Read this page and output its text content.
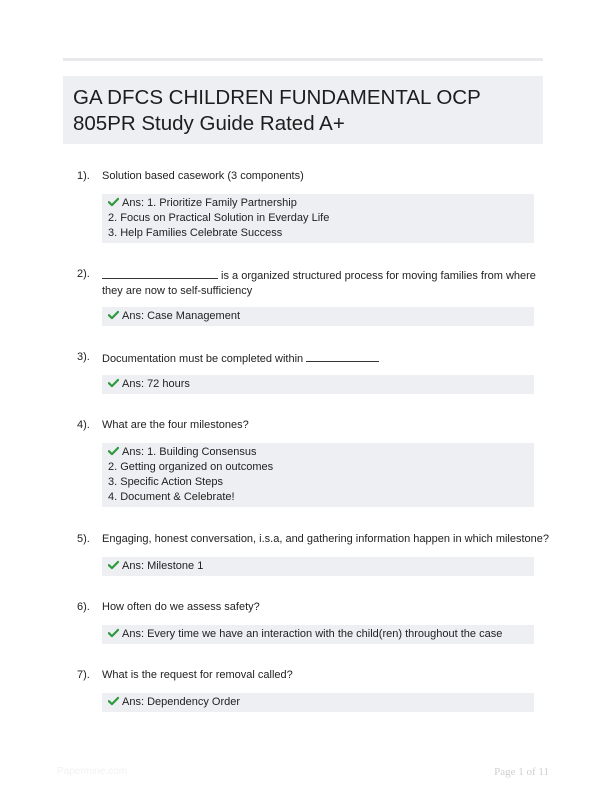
GA DFCS CHILDREN FUNDAMENTAL OCP
805PR Study Guide Rated A+
1). Solution based casework (3 components)
Ans: 1. Prioritize Family Partnership
2. Focus on Practical Solution in Everday Life
3. Help Families Celebrate Success
2).	is a organized structured process for moving families from where
they are now to self-sufficiency
Ans: Case Management
3). Documentation must be completed within
Ans: 72 hours
4). What are the four milestones?
Ans: 1. Building Consensus
2. Getting organized on outcomes
3. Specific Action Steps
4. Document & Celebrate!
5). Engaging, honest conversation, i.s.a, and gathering information happen in which milestone?
Ans: Milestone 1
6). How often do we assess safety?
Ans: Every time we have an interaction with the child(ren) throughout the case
7). What is the request for removal called?
Ans: Dependency Order
Papermine.com	Page 1 of 11
